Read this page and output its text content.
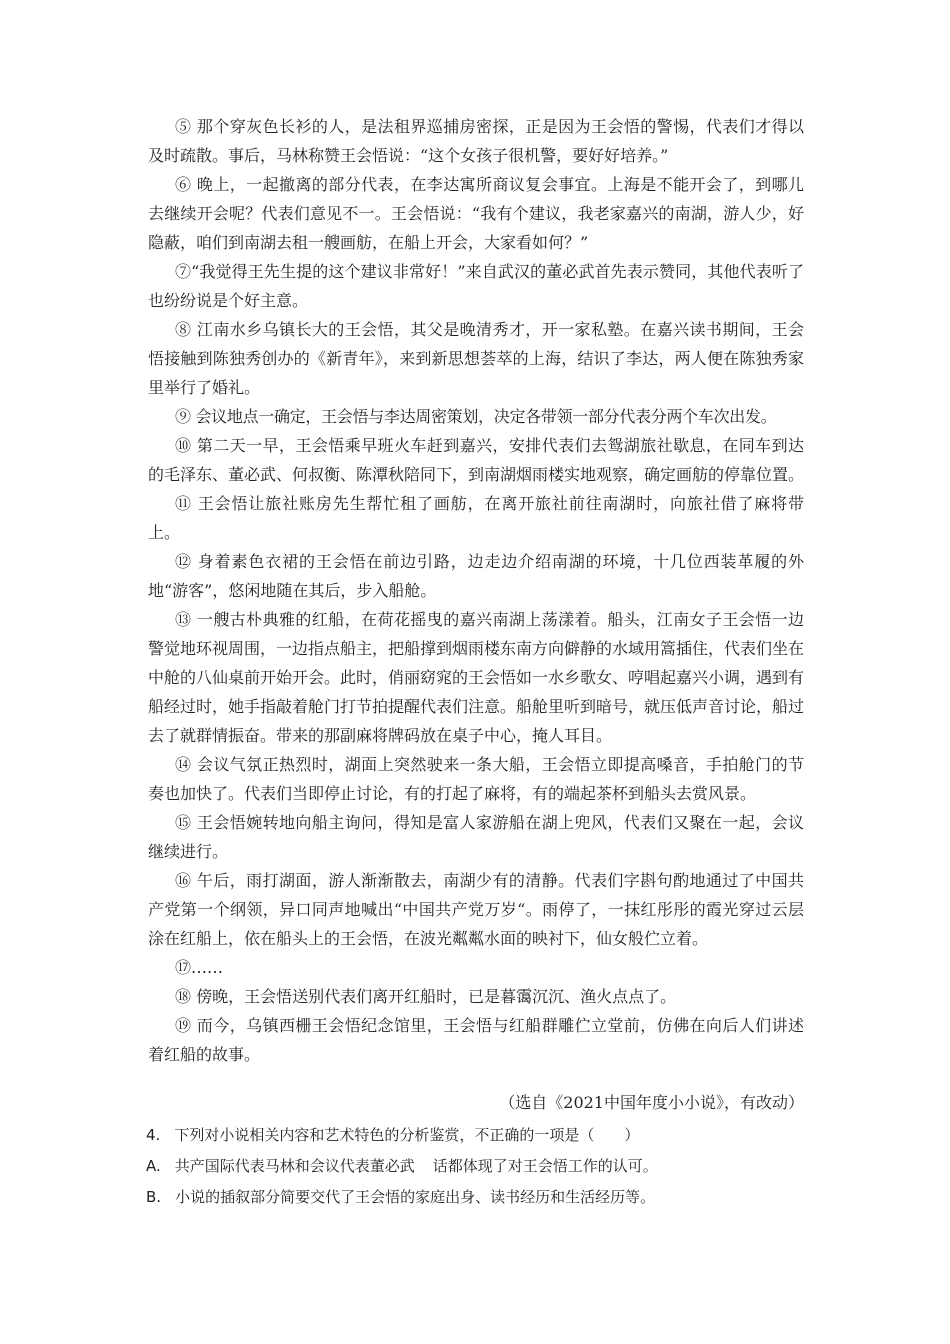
⑤ 那个穿灰色长衫的人，是法租界巡捕房密探，正是因为王会悟的警惕，代表们才得以及时疏散。事后，马林称赞王会悟说：“这个女孩子很机警，要好好培养。”

⑥ 晚上，一起撤离的部分代表，在李达寓所商议复会事宜。上海是不能开会了，到哪儿去继续开会呢？代表们意见不一。王会悟说：“我有个建议，我老家嘉兴的南湖，游人少，好隐蔽，咱们到南湖去租一艘画舫，在船上开会，大家看如何？”

⑦“我觉得王先生提的这个建议非常好！”来自武汉的董必武首先表示赞同，其他代表听了也纷纷说是个好主意。

⑧ 江南水乡乌镇长大的王会悟，其父是晚清秀才，开一家私塾。在嘉兴读书期间，王会悟接触到陈独秀创办的《新青年》，来到新思想荟萃的上海，结识了李达，两人便在陈独秀家里举行了婚礼。

⑨ 会议地点一确定，王会悟与李达周密策划，决定各带领一部分代表分两个车次出发。

⑩ 第二天一早，王会悟乘早班火车赶到嘉兴，安排代表们去鸳湖旅社歇息，在同车到达的毛泽东、董必武、何叔衡、陈潭秋陪同下，到南湖烟雨楼实地观察，确定画舫的停靠位置。

⑪ 王会悟让旅社账房先生帮忙租了画舫，在离开旅社前往南湖时，向旅社借了麻将带上。

⑫ 身着素色衣裙的王会悟在前边引路，边走边介绍南湖的环境，十几位西装革履的外地“游客”，悠闲地随在其后，步入船舱。

⑬ 一艘古朴典雅的红船，在荷花摇曳的嘉兴南湖上荡漾着。船头，江南女子王会悟一边警觉地环视周围，一边指点船主，把船撑到烟雨楼东南方向僻静的水域用篙插住，代表们坐在中舱的八仙桌前开始开会。此时，俏丽窈窕的王会悟如一水乡歌女、哼唱起嘉兴小调，遇到有船经过时，她手指敲着舱门打节拍提醒代表们注意。船舱里听到暗号，就压低声音讨论，船过去了就群情振奋。带来的那副麻将牌码放在桌子中心，掩人耳目。

⑭ 会议气氛正热烈时，湖面上突然驶来一条大船，王会悟立即提高嗓音，手拍舱门的节奏也加快了。代表们当即停止讨论，有的打起了麻将，有的端起茶杯到船头去赏风景。

⑮ 王会悟婉转地向船主询问，得知是富人家游船在湖上兜风，代表们又聚在一起，会议继续进行。

⑯ 午后，雨打湖面，游人渐渐散去，南湖少有的清静。代表们字斟句酌地通过了中国共产党第一个纲领，异口同声地喊出“中国共产党万岁“。雨停了，一抹红彤彤的霞光穿过云层涂在红船上，依在船头上的王会悟，在波光粼粼水面的映衬下，仙女般伫立着。

⑰……

⑱ 傍晚，王会悟送别代表们离开红船时，已是暮霭沉沉、渔火点点了。

⑲ 而今，乌镇西栅王会悟纪念馆里，王会悟与红船群雕伫立堂前，仿佛在向后人们讲述着红船的故事。

（选自《2021中国年度小小说》，有改动）

4. 下列对小说相关内容和艺术特色的分析鉴赏，不正确的一项是（　　）

A. 共产国际代表马林和会议代表董必武 话都体现了对王会悟工作的认可。

B. 小说的插叙部分简要交代了王会悟的家庭出身、读书经历和生活经历等。
